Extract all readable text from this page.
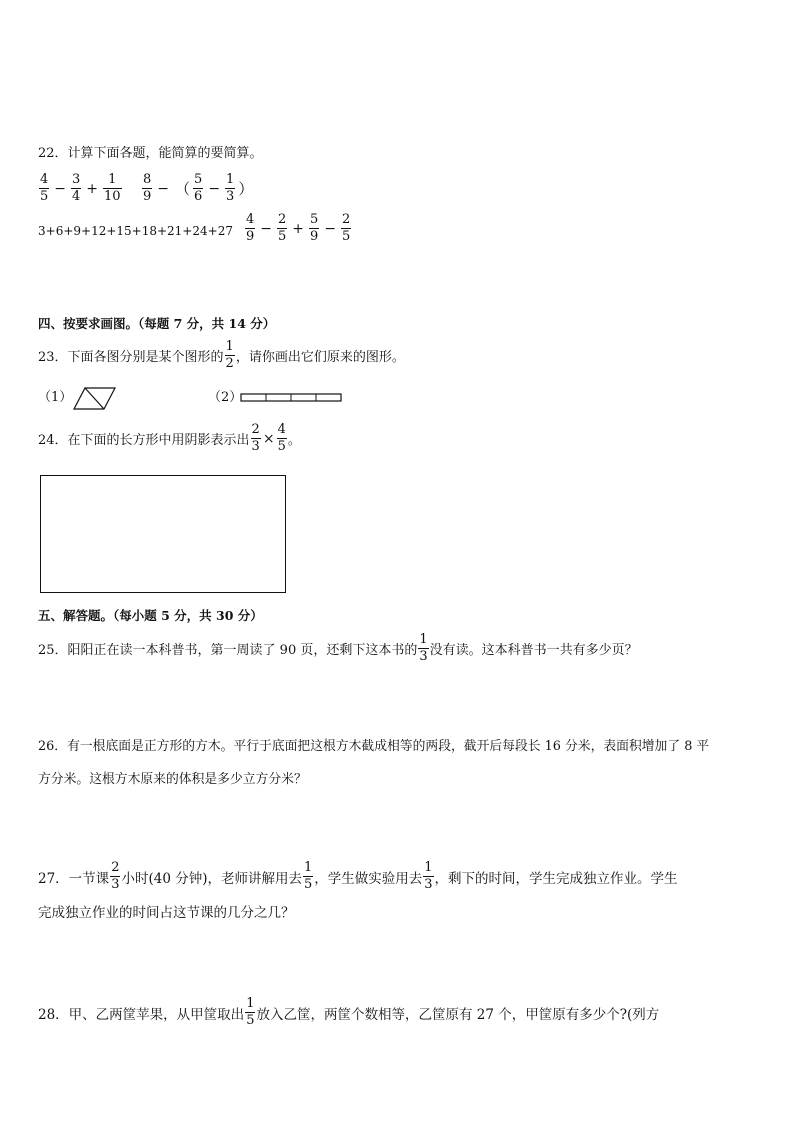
22．计算下面各题，能简算的要简算。
$\frac{4}{5} - \frac{3}{4} + \frac{1}{10} \frac{8}{9}$ − （ $\frac{5}{6} - \frac{1}{3}$ ）
$3+6+9+12+15+18+21+24+27 \frac{4}{9} - \frac{2}{5} + \frac{5}{9} - \frac{2}{5}$
四、按要求画图。（每题 7 分，共 14 分）
23．下面各图分别是某个图形的 $\frac{1}{2}$ ，请你画出它们原来的图形。
（1）	（2）
24．在下面的长方形中用阴影表示出 $\frac{2}{3} \times \frac{4}{5}$ 。
五、解答题。（每小题 5 分，共 30 分）
25．阳阳正在读一本科普书，第一周读了 90 页，还剩下这本书的 $\frac{1}{3}$ 没有读。这本科普书一共有多少页？
26．有一根底面是正方形的方木。平行于底面把这根方木截成相等的两段，截开后每段长 16 分米，表面积增加了 8 平
方分米。这根方木原来的体积是多少立方分米？
27．一节课 $\frac{2}{3}$ 小时(40 分钟)，老师讲解用去 $\frac{1}{5}$ ，学生做实验用去 $\frac{1}{3}$ ，剩下的时间，学生完成独立作业。学生
完成独立作业的时间占这节课的几分之几？
28．甲、乙两筐苹果，从甲筐取出 $\frac{1}{5}$ 放入乙筐，两筐个数相等，乙筐原有 27 个，甲筐原有多少个?(列方
